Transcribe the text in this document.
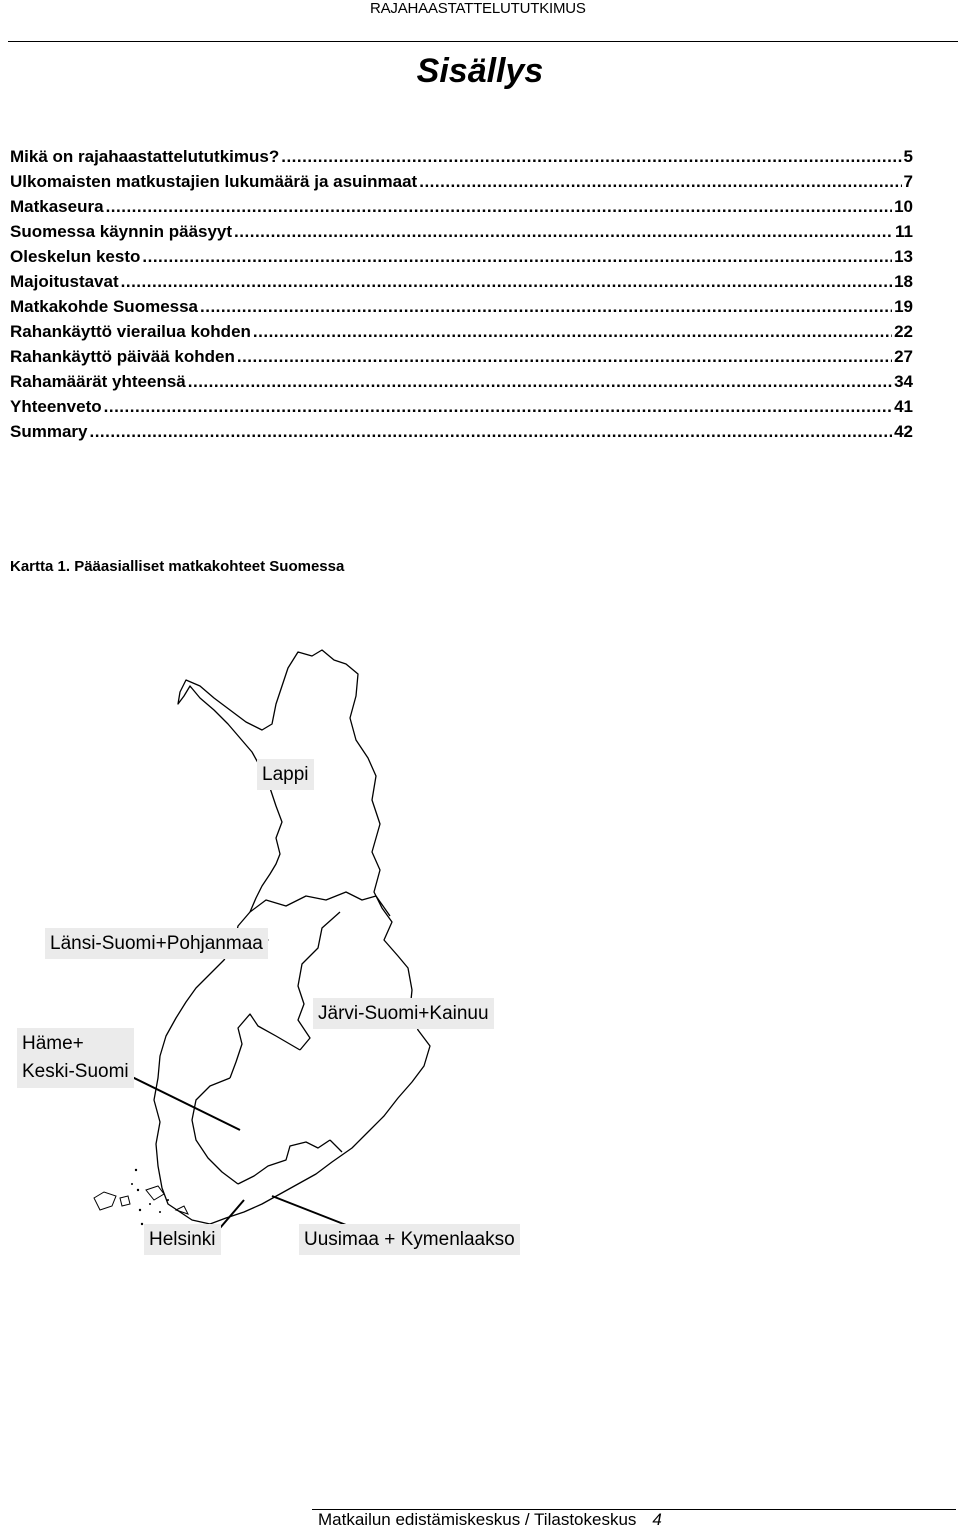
RAJAHAASTATTELUTUTKIMUS
Sisällys
Mikä on rajahaastattelututkimus? .....	5
Ulkomaisten matkustajien lukumäärä ja asuinmaat .....	7
Matkaseura .....	10
Suomessa käynnin pääsyyt .....	11
Oleskelun kesto .....	13
Majoitustavat .....	18
Matkakohde Suomessa .....	19
Rahankäyttö vierailua kohden .....	22
Rahankäyttö päivää kohden .....	27
Rahamäärät yhteensä .....	34
Yhteenveto .....	41
Summary .....	42
Kartta 1. Pääasialliset matkakohteet Suomessa
Lappi
Länsi-Suomi+Pohjanmaa
Järvi-Suomi+Kainuu
Häme+
Keski-Suomi
Helsinki	Uusimaa + Kymenlaakso
Matkailun edistämiskeskus / Tilastokeskus 4
